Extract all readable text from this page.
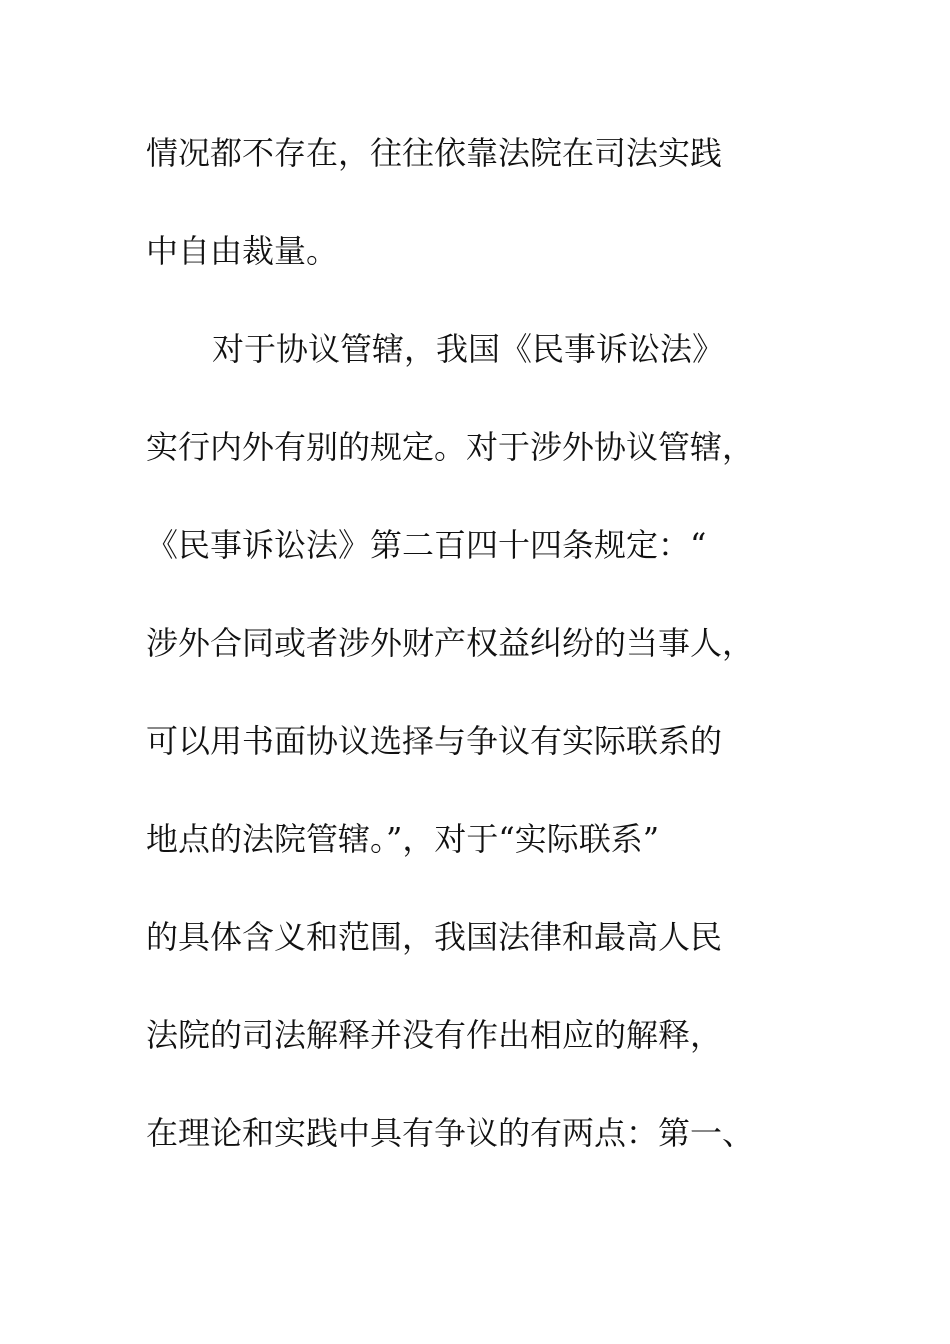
情况都不存在，往往依靠法院在司法实践
中自由裁量。
对于协议管辖，我国《民事诉讼法》
实行内外有别的规定。对于涉外协议管辖，
《民事诉讼法》第二百四十四条规定：“
涉外合同或者涉外财产权益纠纷的当事人，
可以用书面协议选择与争议有实际联系的
地点的法院管辖。”，对于“实际联系”
的具体含义和范围，我国法律和最高人民
法院的司法解释并没有作出相应的解释，
在理论和实践中具有争议的有两点：第一、
